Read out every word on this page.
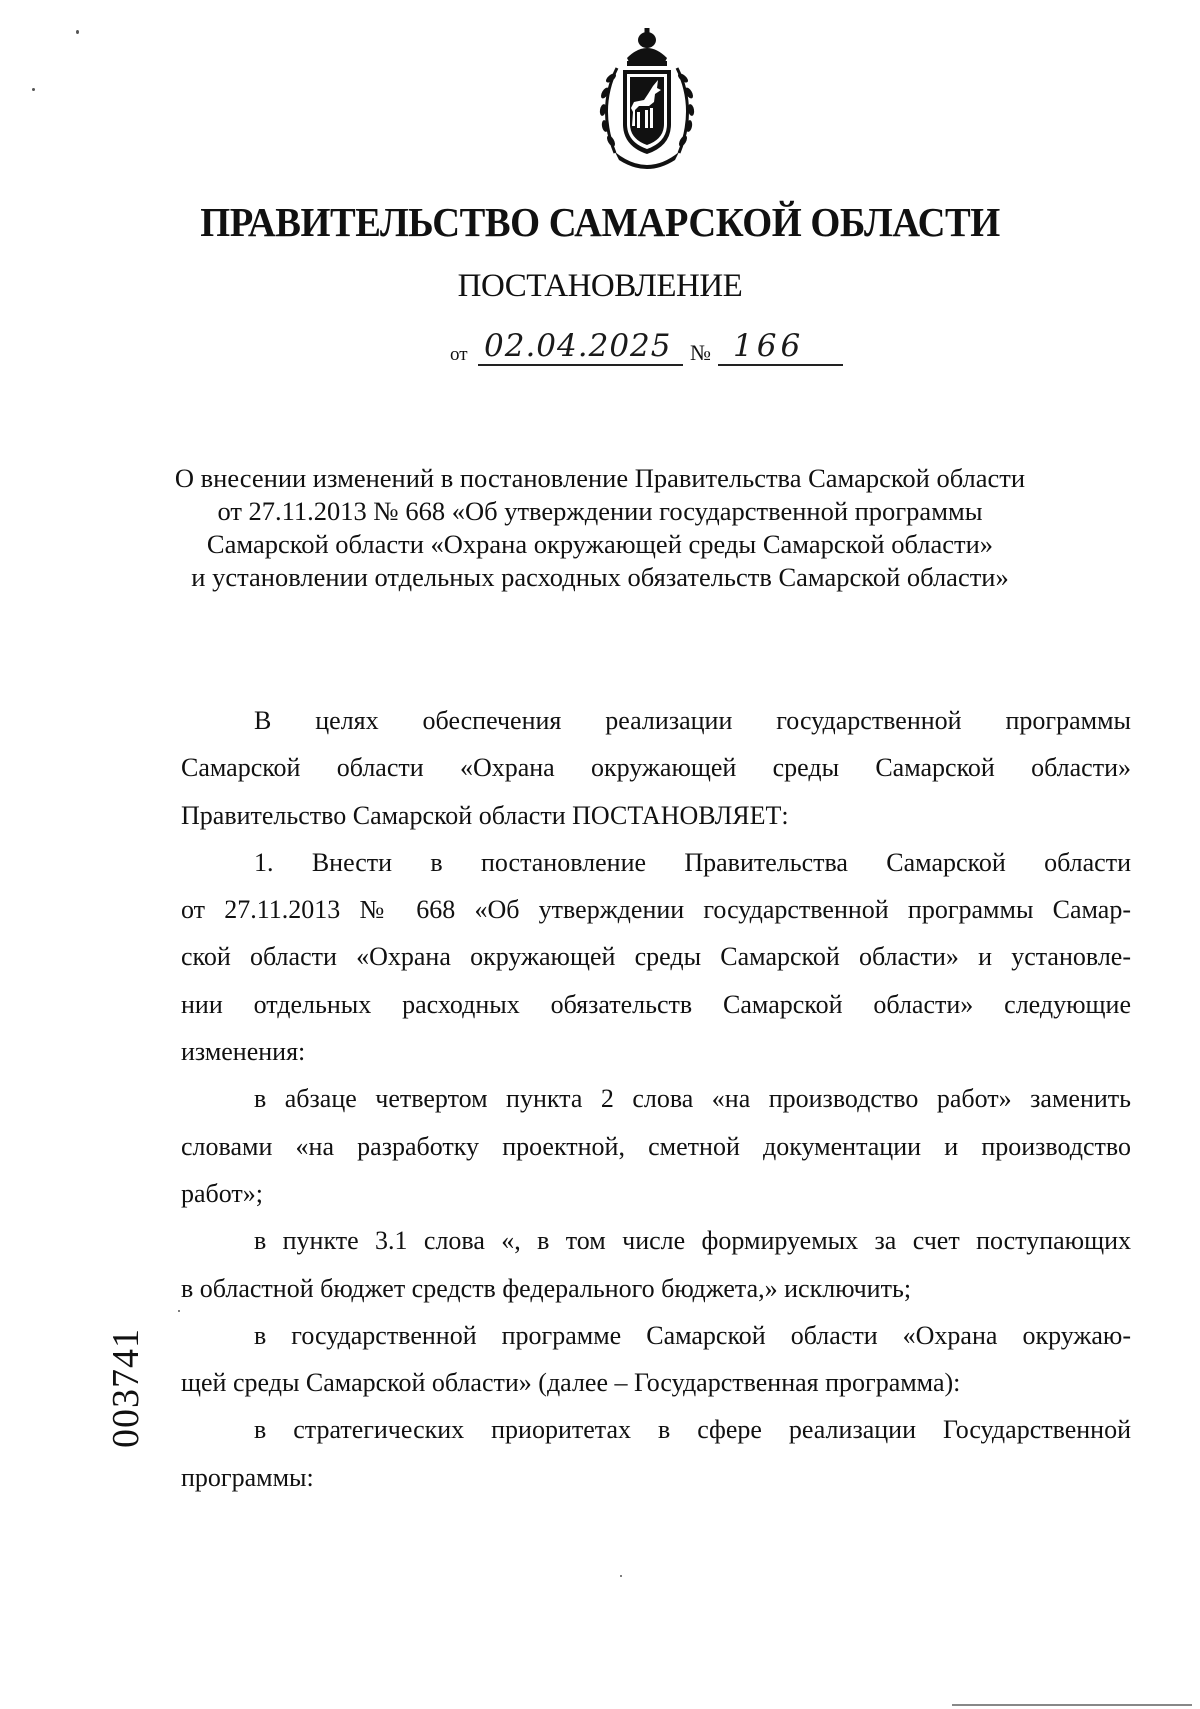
ПРАВИТЕЛЬСТВО САМАРСКОЙ ОБЛАСТИ
ПОСТАНОВЛЕНИЕ
от 02.04.2025 № 166
О внесении изменений в постановление Правительства Самарской области
от 27.11.2013 № 668 «Об утверждении государственной программы
Самарской области «Охрана окружающей среды Самарской области»
и установлении отдельных расходных обязательств Самарской области»
В целях обеспечения реализации государственной программы
Самарской области «Охрана окружающей среды Самарской области»
Правительство Самарской области ПОСТАНОВЛЯЕТ:
1. Внести в постановление Правительства Самарской области
от 27.11.2013 № 668 «Об утверждении государственной программы Самар-
ской области «Охрана окружающей среды Самарской области» и установле-
нии отдельных расходных обязательств Самарской области» следующие
изменения:
в абзаце четвертом пункта 2 слова «на производство работ» заменить
словами «на разработку проектной, сметной документации и производство
работ»;
в пункте 3.1 слова «, в том числе формируемых за счет поступающих
в областной бюджет средств федерального бюджета,» исключить;
в государственной программе Самарской области «Охрана окружаю-
щей среды Самарской области» (далее – Государственная программа):
в стратегических приоритетах в сфере реализации Государственной
программы:
003741
